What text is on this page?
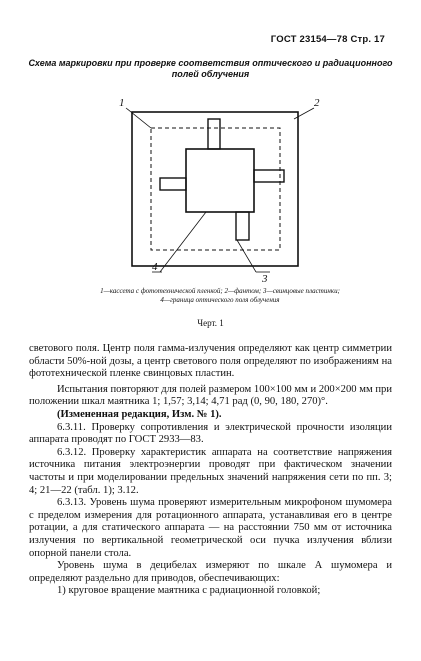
ГОСТ 23154—78 Стр. 17
Схема маркировки при проверке соответствия оптического и радиационного полей облучения
1	2
3
4
1—кассета с фототехнической пленкой; 2—фантом; 3—свинцовые пластинки; 4—граница оптического поля облучения
Черт. 1

светового поля. Центр поля гамма-излучения определяют как центр симметрии области 50%-ной дозы, а центр светового поля определяют по изображениям на фототехнической пленке свинцовых пластин.

Испытания повторяют для полей размером 100×100 мм и 200×200 мм при положении шкал маятника 1; 1,57; 3,14; 4,71 рад (0, 90, 180, 270)°.

(Измененная редакция, Изм. № 1).

6.3.11. Проверку сопротивления и электрической прочности изоляции аппарата проводят по ГОСТ 2933—83.

6.3.12. Проверку характеристик аппарата на соответствие напряжения источника питания электроэнергии проводят при фактическом значении частоты и при моделировании предельных значений напряжения сети по пп. 3; 4; 21—22 (табл. 1); 3.12.

6.3.13. Уровень шума проверяют измерительным микрофоном шумомера с пределом измерения для ротационного аппарата, устанавливая его в центре ротации, а для статического аппарата — на расстоянии 750 мм от источника излучения по вертикальной геометрической оси пучка излучения вблизи опорной панели стола.

Уровень шума в децибелах измеряют по шкале А шумомера и определяют раздельно для приводов, обеспечивающих:

1) круговое вращение маятника с радиационной головкой;
